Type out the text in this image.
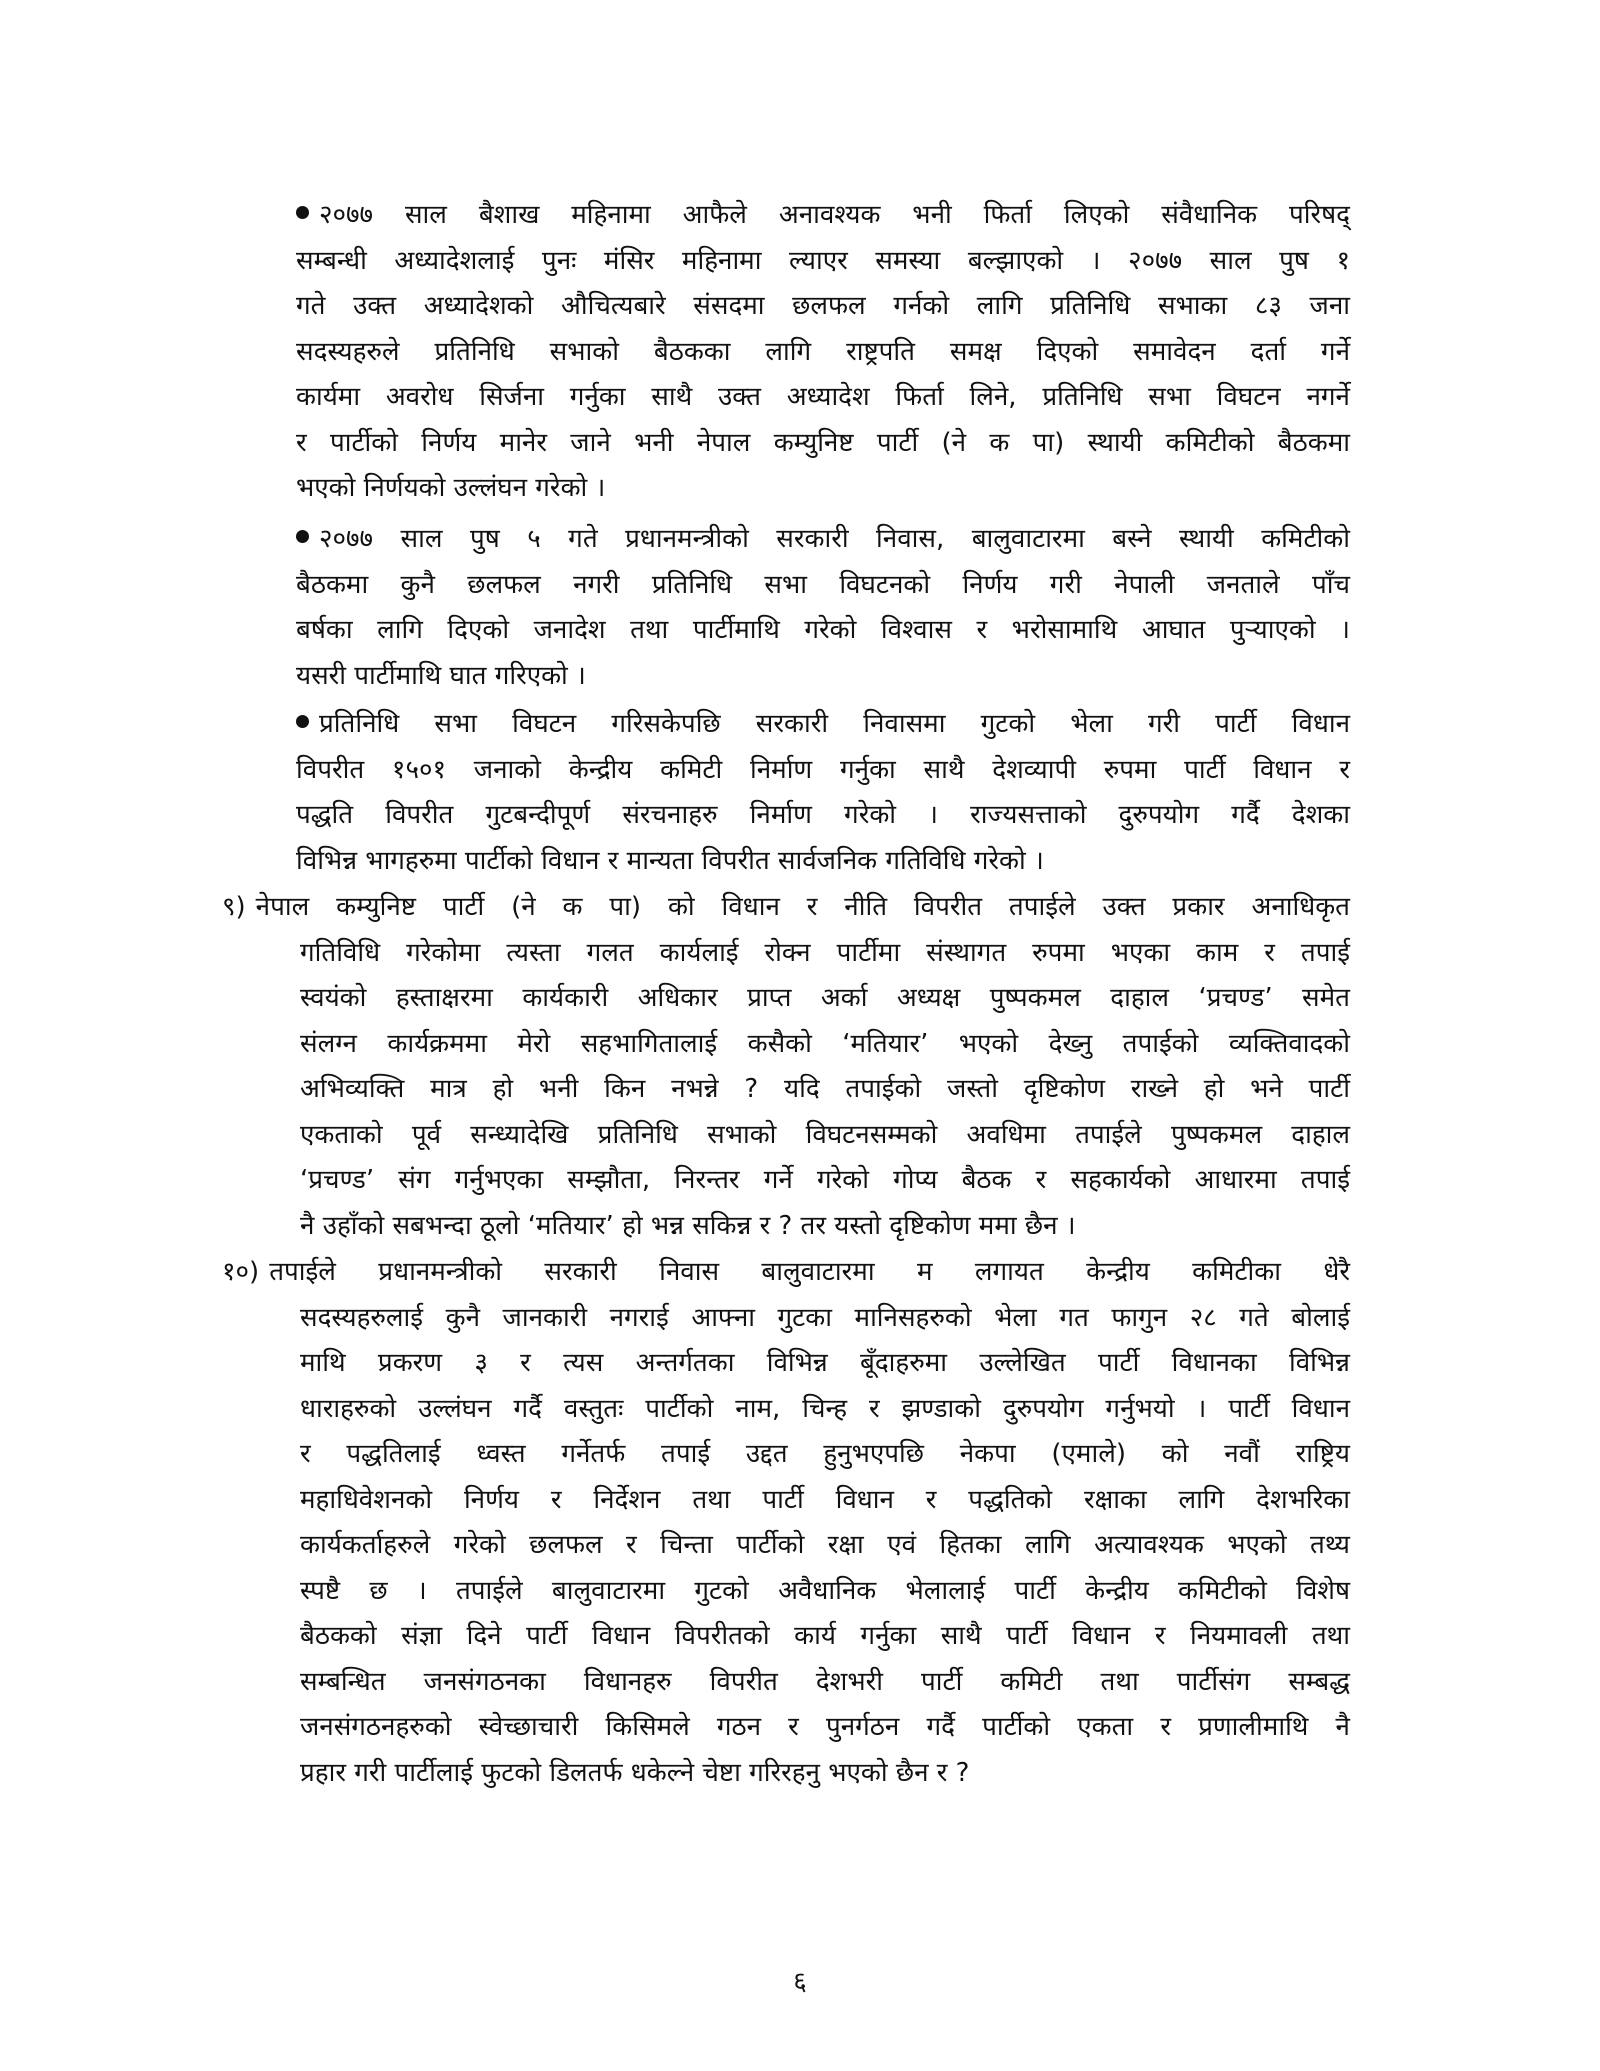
२०७७ साल बैशाख महिनामा आफैले अनावश्यक भनी फिर्ता लिएको संवैधानिक परिषद्
सम्बन्धी अध्यादेशलाई पुनः मंसिर महिनामा ल्याएर समस्या बल्झाएको । २०७७ साल पुष १
गते उक्त अध्यादेशको औचित्यबारे संसदमा छलफल गर्नको लागि प्रतिनिधि सभाका ८३ जना
सदस्यहरुले प्रतिनिधि सभाको बैठकका लागि राष्ट्रपति समक्ष दिएको समावेदन दर्ता गर्ने
कार्यमा अवरोध सिर्जना गर्नुका साथै उक्त अध्यादेश फिर्ता लिने, प्रतिनिधि सभा विघटन नगर्ने
र पार्टीको निर्णय मानेर जाने भनी नेपाल कम्युनिष्ट पार्टी (ने क पा) स्थायी कमिटीको बैठकमा
भएको निर्णयको उल्लंघन गरेको ।
२०७७ साल पुष ५ गते प्रधानमन्त्रीको सरकारी निवास, बालुवाटारमा बस्ने स्थायी कमिटीको
बैठकमा कुनै छलफल नगरी प्रतिनिधि सभा विघटनको निर्णय गरी नेपाली जनताले पाँच
बर्षका लागि दिएको जनादेश तथा पार्टीमाथि गरेको विश्वास र भरोसामाथि आघात पुऱ्याएको ।
यसरी पार्टीमाथि घात गरिएको ।
प्रतिनिधि सभा विघटन गरिसकेपछि सरकारी निवासमा गुटको भेला गरी पार्टी विधान
विपरीत १५०१ जनाको केन्द्रीय कमिटी निर्माण गर्नुका साथै देशव्यापी रुपमा पार्टी विधान र
पद्धति विपरीत गुटबन्दीपूर्ण संरचनाहरु निर्माण गरेको । राज्यसत्ताको दुरुपयोग गर्दै देशका
विभिन्न भागहरुमा पार्टीको विधान र मान्यता विपरीत सार्वजनिक गतिविधि गरेको ।
९) नेपाल कम्युनिष्ट पार्टी (ने क पा) को विधान र नीति विपरीत तपाईले उक्त प्रकार अनाधिकृत
गतिविधि गरेकोमा त्यस्ता गलत कार्यलाई रोक्न पार्टीमा संस्थागत रुपमा भएका काम र तपाई
स्वयंको हस्ताक्षरमा कार्यकारी अधिकार प्राप्त अर्का अध्यक्ष पुष्पकमल दाहाल ‘प्रचण्ड’ समेत
संलग्न कार्यक्रममा मेरो सहभागितालाई कसैको ‘मतियार’ भएको देख्नु तपाईको व्यक्तिवादको
अभिव्यक्ति मात्र हो भनी किन नभन्ने ? यदि तपाईको जस्तो दृष्टिकोण राख्ने हो भने पार्टी
एकताको पूर्व सन्ध्यादेखि प्रतिनिधि सभाको विघटनसम्मको अवधिमा तपाईले पुष्पकमल दाहाल
‘प्रचण्ड’ संग गर्नुभएका सम्झौता, निरन्तर गर्ने गरेको गोप्य बैठक र सहकार्यको आधारमा तपाई
नै उहाँको सबभन्दा ठूलो ‘मतियार’ हो भन्न सकिन्न र ? तर यस्तो दृष्टिकोण ममा छैन ।
१०) तपाईले प्रधानमन्त्रीको सरकारी निवास बालुवाटारमा म लगायत केन्द्रीय कमिटीका धेरै
सदस्यहरुलाई कुनै जानकारी नगराई आफ्ना गुटका मानिसहरुको भेला गत फागुन २८ गते बोलाई
माथि प्रकरण ३ र त्यस अन्तर्गतका विभिन्न बूँदाहरुमा उल्लेखित पार्टी विधानका विभिन्न
धाराहरुको उल्लंघन गर्दै वस्तुतः पार्टीको नाम, चिन्ह र झण्डाको दुरुपयोग गर्नुभयो । पार्टी विधान
र पद्धतिलाई ध्वस्त गर्नेतर्फ तपाई उद्दत हुनुभएपछि नेकपा (एमाले) को नवौं राष्ट्रिय
महाधिवेशनको निर्णय र निर्देशन तथा पार्टी विधान र पद्धतिको रक्षाका लागि देशभरिका
कार्यकर्ताहरुले गरेको छलफल र चिन्ता पार्टीको रक्षा एवं हितका लागि अत्यावश्यक भएको तथ्य
स्पष्टै छ । तपाईले बालुवाटारमा गुटको अवैधानिक भेलालाई पार्टी केन्द्रीय कमिटीको विशेष
बैठकको संज्ञा दिने पार्टी विधान विपरीतको कार्य गर्नुका साथै पार्टी विधान र नियमावली तथा
सम्बन्धित जनसंगठनका विधानहरु विपरीत देशभरी पार्टी कमिटी तथा पार्टीसंग सम्बद्ध
जनसंगठनहरुको स्वेच्छाचारी किसिमले गठन र पुनर्गठन गर्दै पार्टीको एकता र प्रणालीमाथि नै
प्रहार गरी पार्टीलाई फुटको डिलतर्फ धकेल्ने चेष्टा गरिरहनु भएको छैन र ?
६
